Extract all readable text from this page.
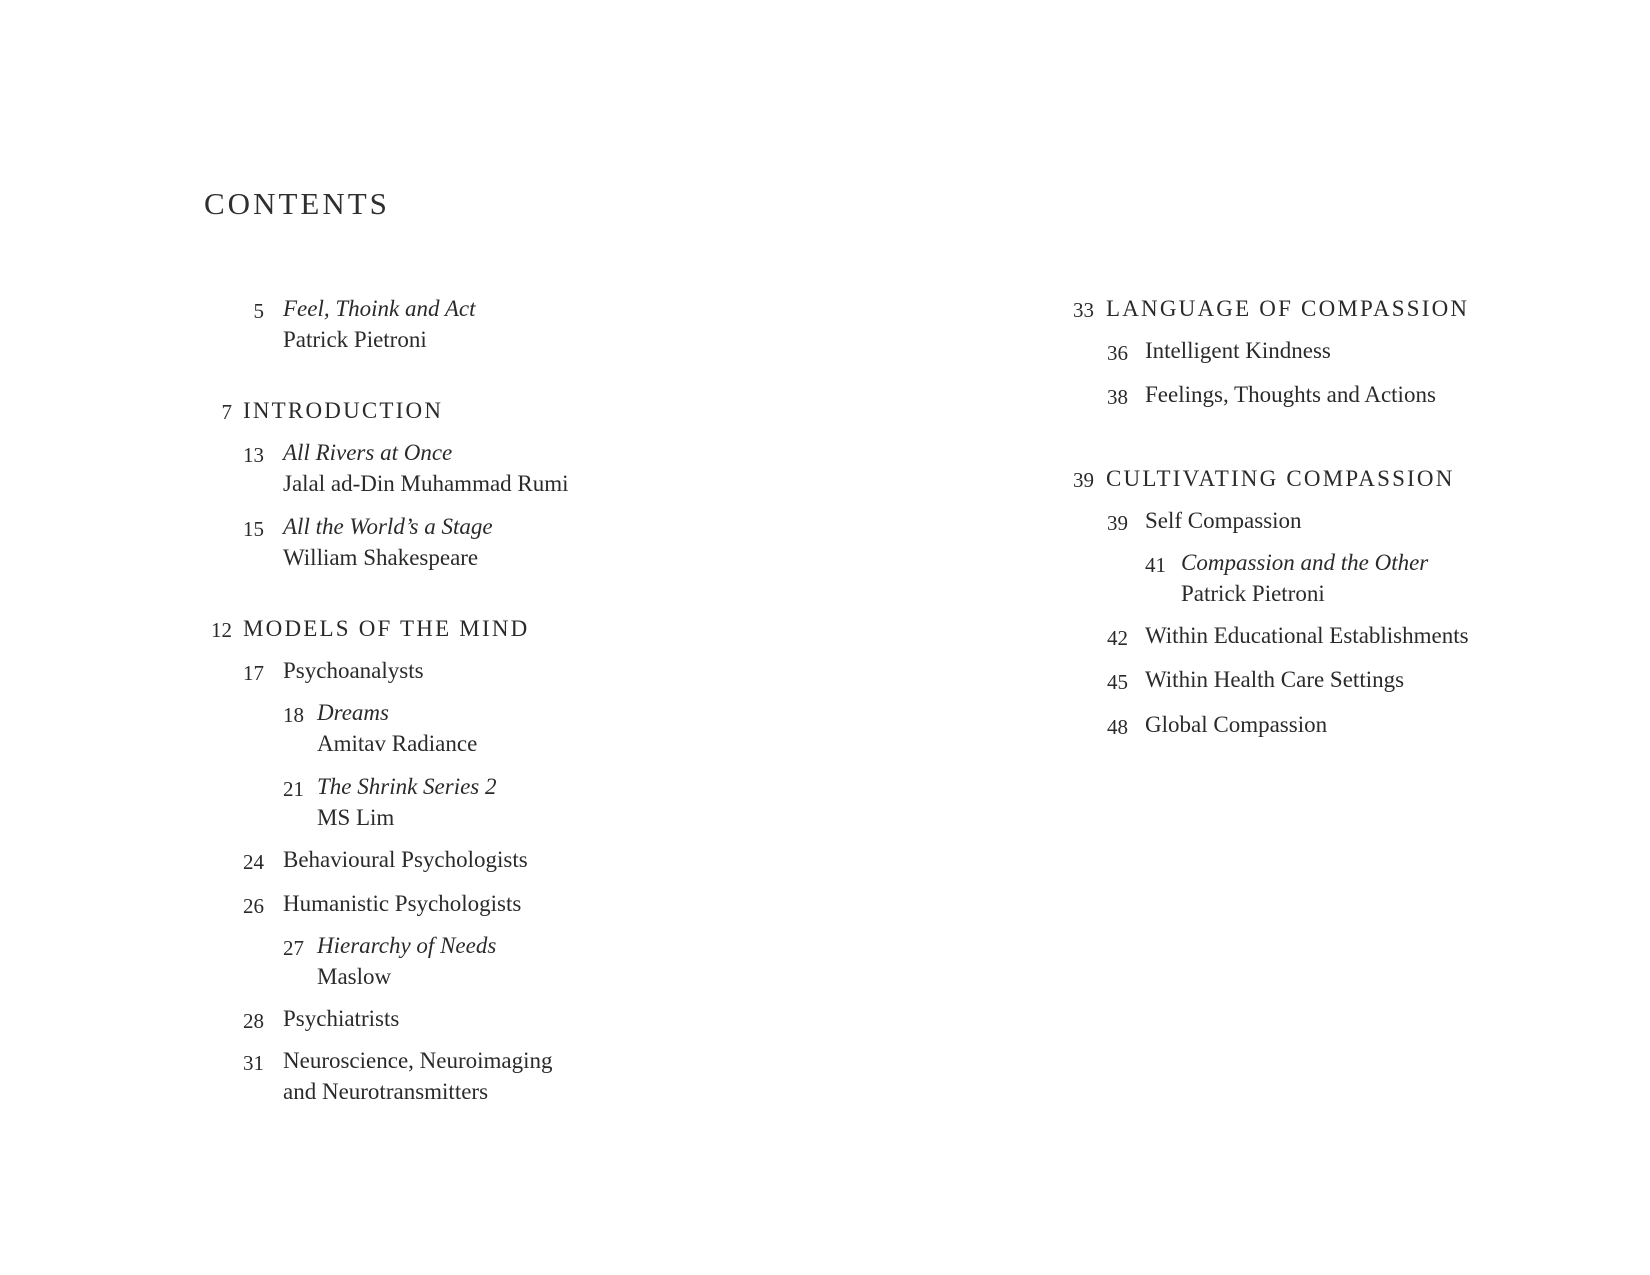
CONTENTS
5 Feel, Thoink and Act
Patrick Pietroni
7 INTRODUCTION
13 All Rivers at Once
Jalal ad-Din Muhammad Rumi
15 All the World’s a Stage
William Shakespeare
12 MODELS OF THE MIND
17 Psychoanalysts
18 Dreams
Amitav Radiance
21 The Shrink Series 2
MS Lim
24 Behavioural Psychologists
26 Humanistic Psychologists
27 Hierarchy of Needs
Maslow
28 Psychiatrists
31 Neuroscience, Neuroimaging
and Neurotransmitters
33 LANGUAGE OF COMPASSION
36 Intelligent Kindness
38 Feelings, Thoughts and Actions
39 CULTIVATING COMPASSION
39 Self Compassion
41 Compassion and the Other
Patrick Pietroni
42 Within Educational Establishments
45 Within Health Care Settings
48 Global Compassion
